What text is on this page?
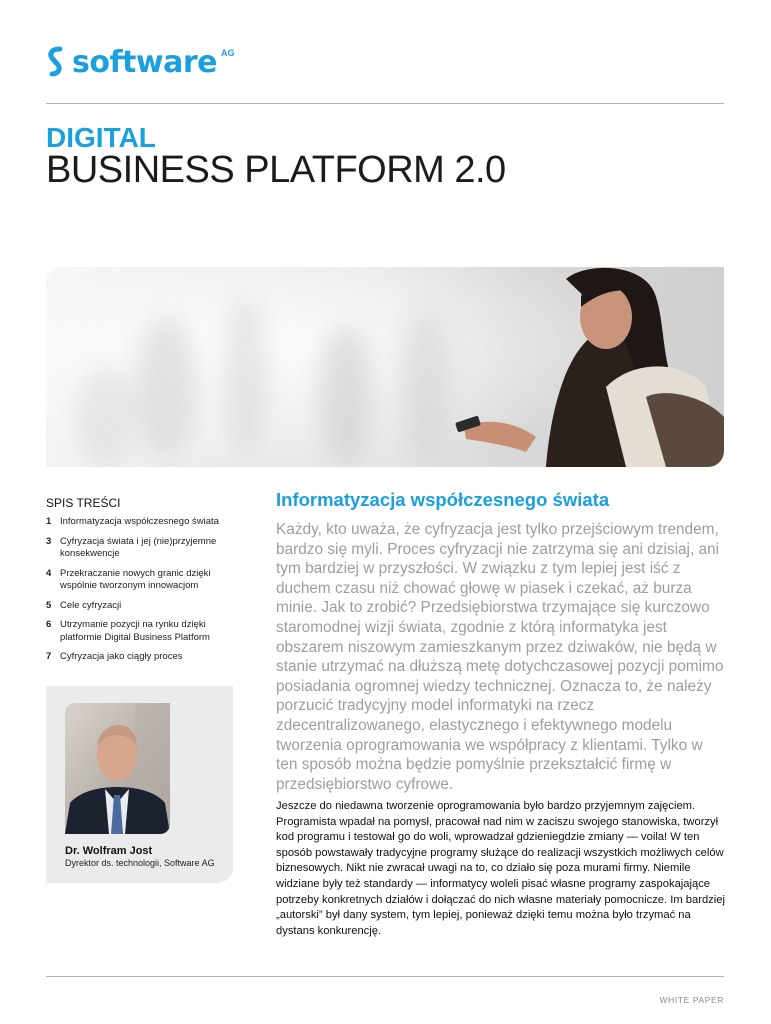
software AG
DIGITAL
BUSINESS PLATFORM 2.0
SPIS TREŚCI
1 Informatyzacja współczesnego świata
3 Cyfryzacja świata i jej (nie)przyjemne konsekwencje
4 Przekraczanie nowych granic dzięki wspólnie tworzonym innowacjom
5 Cele cyfryzacji
6 Utrzymanie pozycji na rynku dzięki platformie Digital Business Platform
7 Cyfryzacja jako ciągły proces
Dr. Wolfram Jost
Dyrektor ds. technologii, Software AG
Informatyzacja współczesnego świata

Każdy, kto uważa, że cyfryzacja jest tylko przejściowym trendem, bardzo się myli. Proces cyfryzacji nie zatrzyma się ani dzisiaj, ani tym bardziej w przyszłości. W związku z tym lepiej jest iść z duchem czasu niż chować głowę w piasek i czekać, aż burza minie. Jak to zrobić? Przedsiębiorstwa trzymające się kurczowo staromodnej wizji świata, zgodnie z którą informatyka jest obszarem niszowym zamieszkanym przez dziwaków, nie będą w stanie utrzymać na dłuższą metę dotychczasowej pozycji pomimo posiadania ogromnej wiedzy technicznej. Oznacza to, że należy porzucić tradycyjny model informatyki na rzecz zdecentralizowanego, elastycznego i efektywnego modelu tworzenia oprogramowania we współpracy z klientami. Tylko w ten sposób można będzie pomyślnie przekształcić firmę w przedsiębiorstwo cyfrowe.

Jeszcze do niedawna tworzenie oprogramowania było bardzo przyjemnym zajęciem. Programista wpadał na pomysł, pracował nad nim w zaciszu swojego stanowiska, tworzył kod programu i testował go do woli, wprowadzał gdzieniegdzie zmiany — voila! W ten sposób powstawały tradycyjne programy służące do realizacji wszystkich możliwych celów biznesowych. Nikt nie zwracał uwagi na to, co działo się poza murami firmy. Niemile widziane były też standardy — informatycy woleli pisać własne programy zaspokajające potrzeby konkretnych działów i dołączać do nich własne materiały pomocnicze. Im bardziej „autorski” był dany system, tym lepiej, ponieważ dzięki temu można było trzymać na dystans konkurencję.

WHITE PAPER
